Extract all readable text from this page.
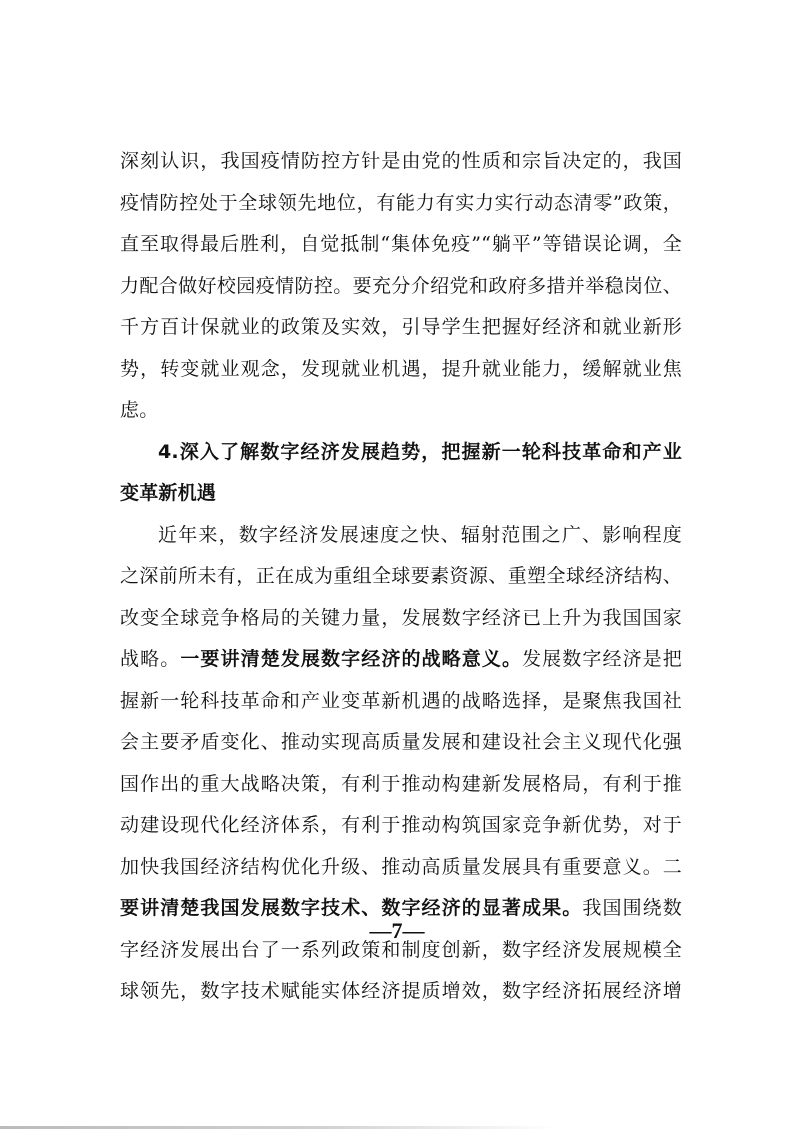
深刻认识，我国疫情防控方针是由党的性质和宗旨决定的，我国
疫情防控处于全球领先地位，有能力有实力实行动态清零”政策，
直至取得最后胜利，自觉抵制“集体免疫”“躺平”等错误论调，全
力配合做好校园疫情防控。要充分介绍党和政府多措并举稳岗位、
千方百计保就业的政策及实效，引导学生把握好经济和就业新形
势，转变就业观念，发现就业机遇，提升就业能力，缓解就业焦
虑。
4.深入了解数字经济发展趋势，把握新一轮科技革命和产业
变革新机遇
近年来，数字经济发展速度之快、辐射范围之广、影响程度
之深前所未有，正在成为重组全球要素资源、重塑全球经济结构、
改变全球竞争格局的关键力量，发展数字经济已上升为我国国家
战略。一要讲清楚发展数字经济的战略意义。发展数字经济是把
握新一轮科技革命和产业变革新机遇的战略选择，是聚焦我国社
会主要矛盾变化、推动实现高质量发展和建设社会主义现代化强
国作出的重大战略决策，有利于推动构建新发展格局，有利于推
动建设现代化经济体系，有利于推动构筑国家竞争新优势，对于
加快我国经济结构优化升级、推动高质量发展具有重要意义。二
要讲清楚我国发展数字技术、数字经济的显著成果。我国围绕数
字经济发展出台了一系列政策和制度创新，数字经济发展规模全
球领先，数字技术赋能实体经济提质增效，数字经济拓展经济增
—7—
